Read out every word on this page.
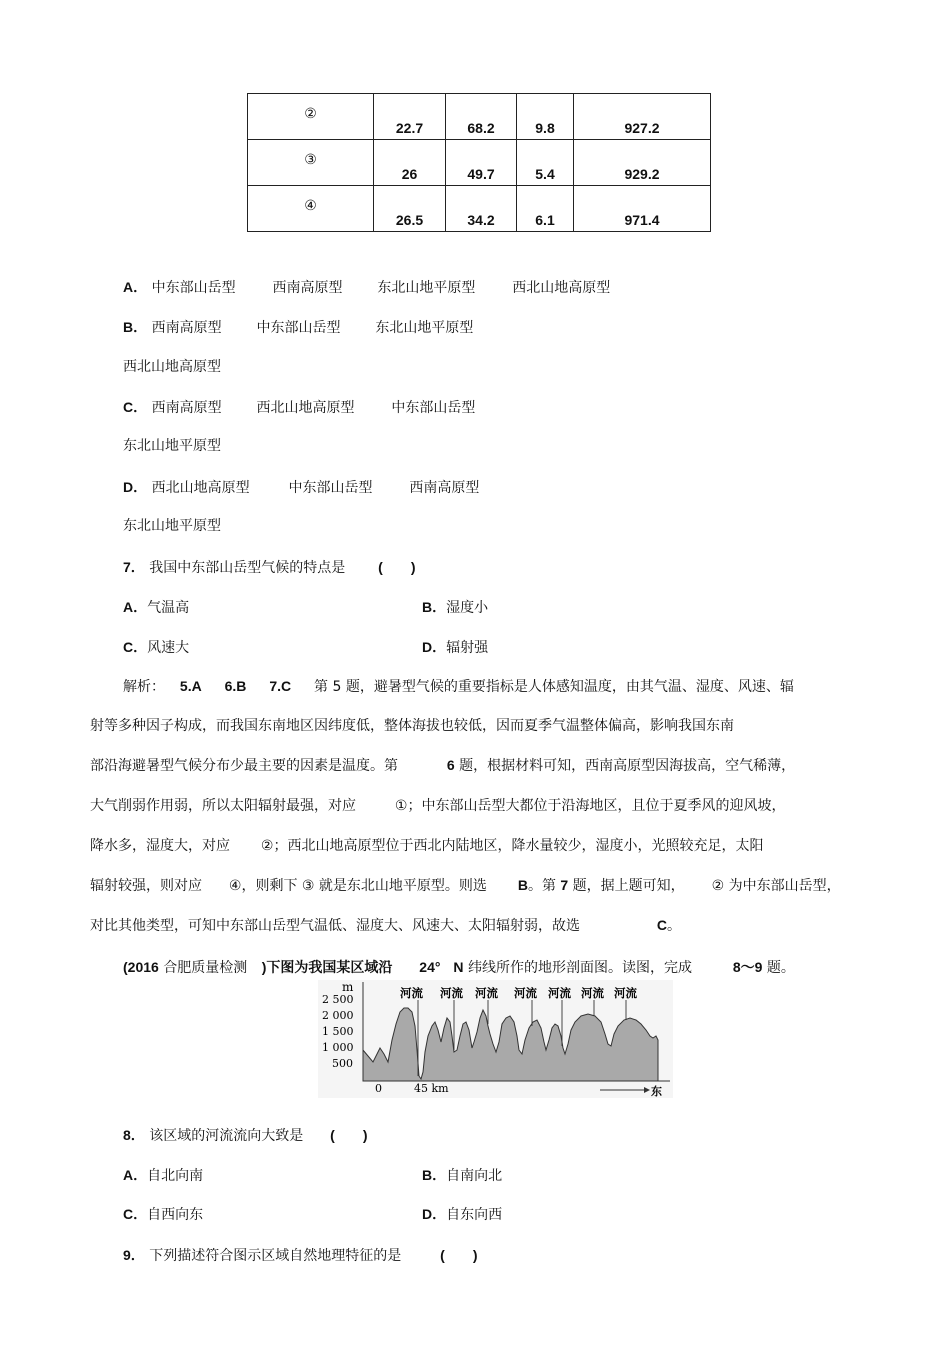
②	22.7	68.2	9.8	927.2
③	26	49.7	5.4	929.2
④	26.5	34.2	6.1	971.4
A． 中东部山岳型	西南高原型 东北山地平原型	西北山地高原型
B． 西南高原型 中东部山岳型 东北山地平原型
西北山地高原型
C． 西南高原型 西北山地高原型	中东部山岳型
东北山地平原型
D． 西北山地高原型	中东部山岳型	西南高原型
东北山地平原型
7． 我国中东部山岳型气候的特点是 (　　)
A．气温高	B．湿度小
C．风速大	D．辐射强
解析： 5.A 6.B 7.C 第 5 题，避暑型气候的重要指标是人体感知温度，由其气温、湿度、风速、辐
射等多种因子构成，而我国东南地区因纬度低，整体海拔也较低，因而夏季气温整体偏高，影响我国东南
部沿海避暑型气候分布少最主要的因素是温度。第	6 题，根据材料可知，西南高原型因海拔高，空气稀薄，
大气削弱作用弱，所以太阳辐射最强，对应	①；中东部山岳型大都位于沿海地区，且位于夏季风的迎风坡，
降水多，湿度大，对应 ②；西北山地高原型位于西北内陆地区，降水量较少，湿度小，光照较充足，太阳
辐射较强，则对应 ④，则剩下 ③ 就是东北山地平原型。则选 B。第 7 题，据上题可知， ② 为中东部山岳型，
对比其他类型，可知中东部山岳型气温低、湿度大、风速大、太阳辐射弱，故选	C。
(2016 合肥质量检测 )下图为我国某区域沿 24° N 纬线所作的地形剖面图。读图，完成	8～9 题。
m
2 500
2 000
1 500
1 000
500
河流 河流 河流 河流 河流 河流 河流
0	45 km	东
8． 该区域的河流流向大致是 (　　)
A．自北向南	B．自南向北
C．自西向东	D．自东向西
9． 下列描述符合图示区域自然地理特征的是	(　　)
